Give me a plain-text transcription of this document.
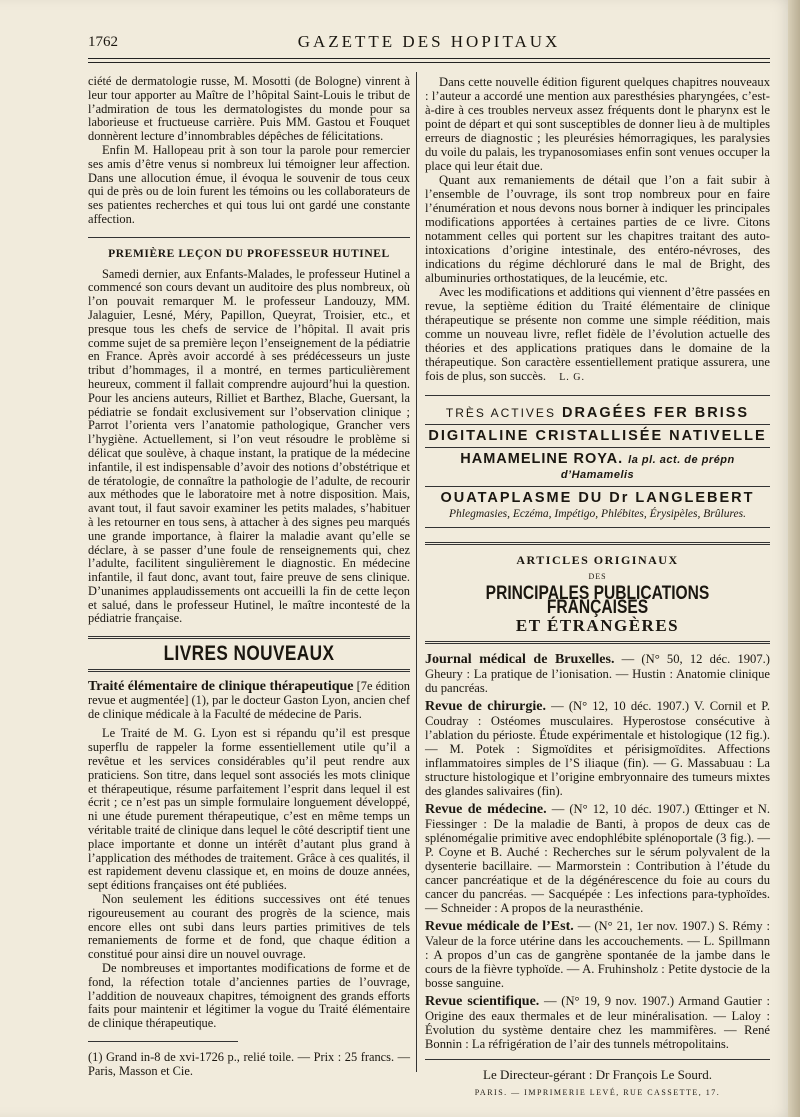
1762	GAZETTE DES HOPITAUX

ciété de dermatologie russe, M. Mosotti (de Bologne) vinrent à leur tour apporter au Maître de l’hôpital Saint-Louis le tribut de l’admiration de tous les dermatologistes du monde pour sa laborieuse et fructueuse carrière. Puis MM. Gastou et Fouquet donnèrent lecture d’innombrables dépêches de félicitations.

Enfin M. Hallopeau prit à son tour la parole pour remercier ses amis d’être venus si nombreux lui témoigner leur affection. Dans une allocution émue, il évoqua le souvenir de tous ceux qui de près ou de loin furent les témoins ou les collaborateurs de ses patientes recherches et qui tous lui ont gardé une constante affection.

PREMIÈRE LEÇON DU PROFESSEUR HUTINEL

Samedi dernier, aux Enfants-Malades, le professeur Hutinel a commencé son cours devant un auditoire des plus nombreux, où l’on pouvait remarquer M. le professeur Landouzy, MM. Jalaguier, Lesné, Méry, Papillon, Queyrat, Troisier, etc., et presque tous les chefs de service de l’hôpital. Il avait pris comme sujet de sa première leçon l’enseignement de la pédiatrie en France. Après avoir accordé à ses prédécesseurs un juste tribut d’hommages, il a montré, en termes particulièrement heureux, comment il fallait comprendre aujourd’hui la question. Pour les anciens auteurs, Rilliet et Barthez, Blache, Guersant, la pédiatrie se fondait exclusivement sur l’observation clinique ; Parrot l’orienta vers l’anatomie pathologique, Grancher vers l’hygiène. Actuellement, si l’on veut résoudre le problème si délicat que soulève, à chaque instant, la pratique de la médecine infantile, il est indispensable d’avoir des notions d’obstétrique et de tératologie, de connaître la pathologie de l’adulte, de recourir aux méthodes que le laboratoire met à notre disposition. Mais, avant tout, il faut savoir examiner les petits malades, s’habituer à les retourner en tous sens, à attacher à des signes peu marqués une grande importance, à flairer la maladie avant qu’elle se déclare, à se passer d’une foule de renseignements qui, chez l’adulte, facilitent singulièrement le diagnostic. En médecine infantile, il faut donc, avant tout, faire preuve de sens clinique. D’unanimes applaudissements ont accueilli la fin de cette leçon et salué, dans le professeur Hutinel, le maître incontesté de la pédiatrie française.

LIVRES NOUVEAUX

Traité élémentaire de clinique thérapeutique [7e édition revue et augmentée] (1), par le docteur Gaston Lyon, ancien chef de clinique médicale à la Faculté de médecine de Paris.

Le Traité de M. G. Lyon est si répandu qu’il est presque superflu de rappeler la forme essentiellement utile qu’il a revêtue et les services considérables qu’il peut rendre aux praticiens. Son titre, dans lequel sont associés les mots clinique et thérapeutique, résume parfaitement l’esprit dans lequel il est écrit ; ce n’est pas un simple formulaire longuement développé, ni une étude purement thérapeutique, c’est en même temps un véritable traité de clinique dans lequel le côté descriptif tient une place importante et donne un intérêt d’autant plus grand à l’application des méthodes de traitement. Grâce à ces qualités, il est rapidement devenu classique et, en moins de douze années, sept éditions françaises ont été publiées.

Non seulement les éditions successives ont été tenues rigoureusement au courant des progrès de la science, mais encore elles ont subi dans leurs parties primitives de tels remaniements de forme et de fond, que chaque édition a constitué pour ainsi dire un nouvel ouvrage.

De nombreuses et importantes modifications de forme et de fond, la réfection totale d’anciennes parties de l’ouvrage, l’addition de nouveaux chapitres, témoignent des grands efforts faits pour maintenir et légitimer la vogue du Traité élémentaire de clinique thérapeutique.

(1) Grand in-8 de xvi-1726 p., relié toile. — Prix : 25 francs. — Paris, Masson et Cie.

Dans cette nouvelle édition figurent quelques chapitres nouveaux : l’auteur a accordé une mention aux paresthésies pharyngées, c’est-à-dire à ces troubles nerveux assez fréquents dont le pharynx est le point de départ et qui sont susceptibles de donner lieu à de multiples erreurs de diagnostic ; les pleurésies hémorragiques, les paralysies du voile du palais, les trypanosomiases enfin sont venues occuper la place qui leur était due.

Quant aux remaniements de détail que l’on a fait subir à l’ensemble de l’ouvrage, ils sont trop nombreux pour en faire l’énumération et nous devons nous borner à indiquer les principales modifications apportées à certaines parties de ce livre. Citons notamment celles qui portent sur les chapitres traitant des auto-intoxications d’origine intestinale, des entéro-névroses, des indications du régime déchloruré dans le mal de Bright, des albuminuries orthostatiques, de la leucémie, etc.

Avec les modifications et additions qui viennent d’être passées en revue, la septième édition du Traité élémentaire de clinique thérapeutique se présente non comme une simple réédition, mais comme un nouveau livre, reflet fidèle de l’évolution actuelle des théories et des applications pratiques dans le domaine de la thérapeutique. Son caractère essentiellement pratique assurera, une fois de plus, son succès. L. G.

TRÈS ACTIVES DRAGÉES FER BRISS
DIGITALINE CRISTALLISÉE NATIVELLE
HAMAMELINE ROYA. la pl. act. de prépn d’Hamamelis
OUATAPLASME DU Dr LANGLEBERT
Phlegmasies, Eczéma, Impétigo, Phlébites, Érysipèles, Brûlures.
ARTICLES ORIGINAUX
DES
PRINCIPALES PUBLICATIONS FRANÇAISES
ET ÉTRANGÈRES
Journal médical de Bruxelles. — (N° 50, 12 déc. 1907.) Gheury : La pratique de l’ionisation. — Hustin : Anatomie clinique du pancréas.
Revue de chirurgie. — (N° 12, 10 déc. 1907.) V. Cornil et P. Coudray : Ostéomes musculaires. Hyperostose consécutive à l’ablation du périoste. Étude expérimentale et histologique (12 fig.). — M. Potek : Sigmoïdites et périsigmoïdites. Affections inflammatoires simples de l’S iliaque (fin). — G. Massabuau : La structure histologique et l’origine embryonnaire des tumeurs mixtes des glandes salivaires (fin).
Revue de médecine. — (N° 12, 10 déc. 1907.) Œttinger et N. Fiessinger : De la maladie de Banti, à propos de deux cas de splénomégalie primitive avec endophlébite splénoportale (3 fig.). — P. Coyne et B. Auché : Recherches sur le sérum polyvalent de la dysenterie bacillaire. — Marmorstein : Contribution à l’étude du cancer pancréatique et de la dégénérescence du foie au cours du cancer du pancréas. — Sacquépée : Les infections para-typhoïdes. — Schneider : A propos de la neurasthénie.
Revue médicale de l’Est. — (N° 21, 1er nov. 1907.) S. Rémy : Valeur de la force utérine dans les accouchements. — L. Spillmann : A propos d’un cas de gangrène spontanée de la jambe dans le cours de la fièvre typhoïde. — A. Fruhinsholz : Petite dystocie de la bosse sanguine.
Revue scientifique. — (N° 19, 9 nov. 1907.) Armand Gautier : Origine des eaux thermales et de leur minéralisation. — Laloy : Évolution du système dentaire chez les mammifères. — René Bonnin : La réfrigération de l’air des tunnels métropolitains.
Le Directeur-gérant : Dr François Le Sourd.
PARIS. — IMPRIMERIE LEVÉ, RUE CASSETTE, 17.
